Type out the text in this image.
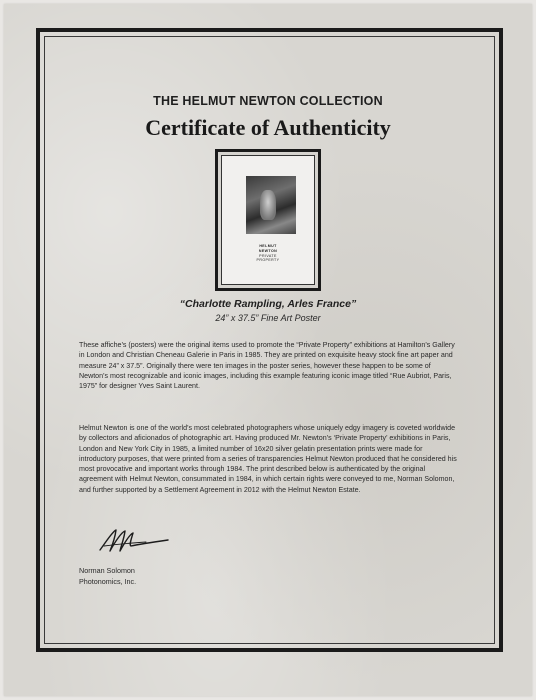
THE HELMUT NEWTON COLLECTION
Certificate of Authenticity
HELMUT
NEWTON
PRIVATE
PROPERTY
“Charlotte Rampling, Arles France”
24” x 37.5” Fine Art Poster

These affiche’s (posters) were the original items used to promote the “Private Property” exhibitions at Hamilton’s Gallery in London and Christian Cheneau Galerie in Paris in 1985. They are printed on exquisite heavy stock fine art paper and measure 24” x 37.5”. Originally there were ten images in the poster series, however these happen to be some of Newton’s most recognizable and iconic images, including this example featuring iconic image titled “Rue Aubriot, Paris, 1975” for designer Yves Saint Laurent.

Helmut Newton is one of the world’s most celebrated photographers whose uniquely edgy imagery is coveted worldwide by collectors and aficionados of photographic art. Having produced Mr. Newton’s ‘Private Property’ exhibitions in Paris, London and New York City in 1985, a limited number of 16x20 silver gelatin presentation prints were made for introductory purposes, that were printed from a series of transparencies Helmut Newton produced that he considered his most provocative and important works through 1984. The print described below is authenticated by the original agreement with Helmut Newton, consummated in 1984, in which certain rights were conveyed to me, Norman Solomon, and further supported by a Settlement Agreement in 2012 with the Helmut Newton Estate.

Norman Solomon
Photonomics, Inc.
